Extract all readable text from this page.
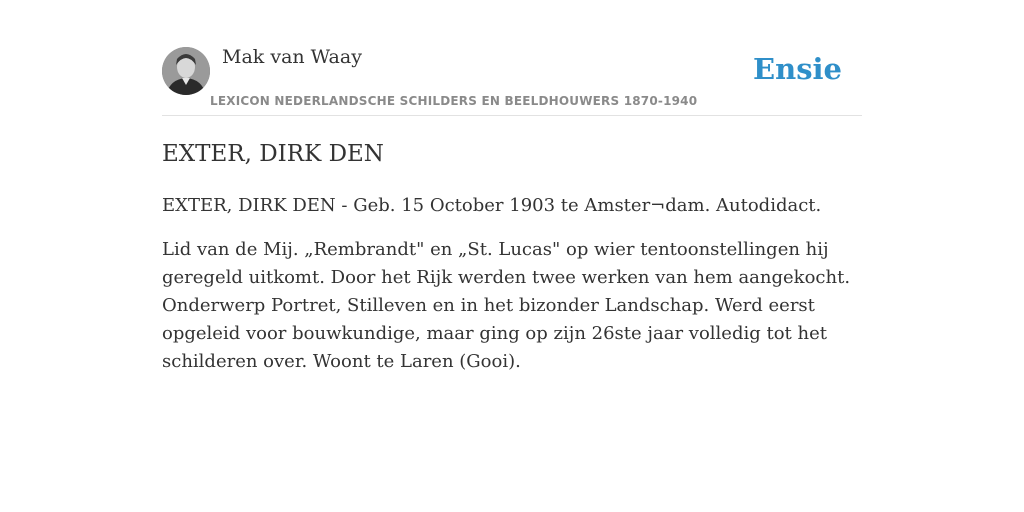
Mak van Waay
LEXICON NEDERLANDSCHE SCHILDERS EN BEELDHOUWERS 1870-1940
Ensie
EXTER, DIRK DEN

EXTER, DIRK DEN - Geb. 15 October 1903 te Amster¬dam. Autodidact.

Lid van de Mij. „Rembrandt" en „St. Lucas" op wier tentoonstellingen hij geregeld uitkomt. Door het Rijk werden twee werken van hem aangekocht. Onderwerp Portret, Stilleven en in het bizonder Landschap. Werd eerst opgeleid voor bouwkundige, maar ging op zijn 26ste jaar volledig tot het schilderen over. Woont te Laren (Gooi).
